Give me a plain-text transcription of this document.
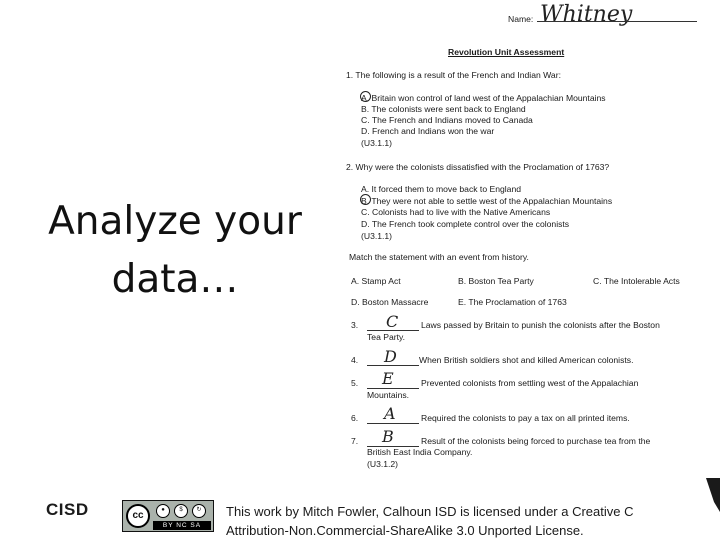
Analyze your
data…
Name: Whitney
Revolution Unit Assessment
1. The following is a result of the French and Indian War:
A. Britain won control of land west of the Appalachian Mountains
B. The colonists were sent back to England
C. The French and Indians moved to Canada
D. French and Indians won the war
(U3.1.1)
2. Why were the colonists dissatisfied with the Proclamation of 1763?
A. It forced them to move back to England
B. They were not able to settle west of the Appalachian Mountains
C. Colonists had to live with the Native Americans
D. The French took complete control over the colonists
(U3.1.1)
Match the statement with an event from history.
A. Stamp Act	B. Boston Tea Party	C. The Intolerable Acts
D. Boston Massacre	E. The Proclamation of 1763
3. C	Laws passed by Britain to punish the colonists after the Boston
Tea Party.
4. D	When British soldiers shot and killed American colonists.
5. E	Prevented colonists from settling west of the Appalachian
Mountains.
6. A	Required the colonists to pay a tax on all printed items.
7. B	Result of the colonists being forced to purchase tea from the
British East India Company.
(U3.1.2)
CISD	cc	●	$	↻
BY NC SA
This work by Mitch Fowler, Calhoun ISD is licensed under a Creative C
Attribution-Non.Commercial-ShareAlike 3.0 Unported License.
